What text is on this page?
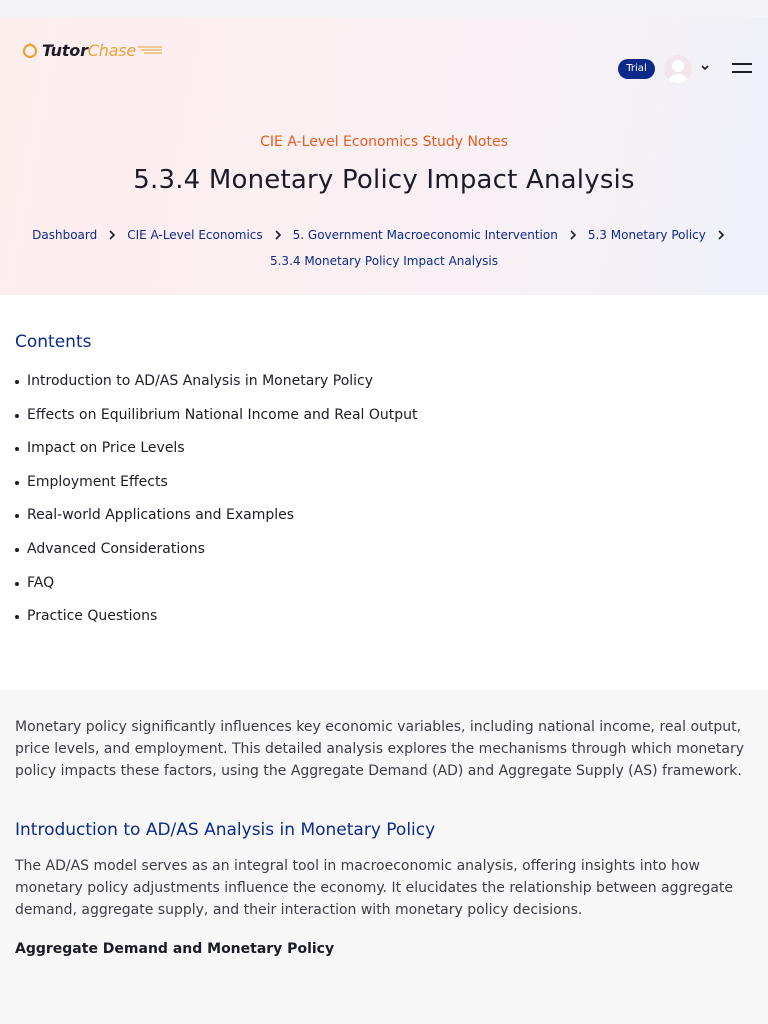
TutorChase
Trial
CIE A-Level Economics Study Notes
5.3.4 Monetary Policy Impact Analysis
Dashboard	CIE A-Level Economics	5. Government Macroeconomic Intervention	5.3 Monetary Policy
5.3.4 Monetary Policy Impact Analysis
Contents
Introduction to AD/AS Analysis in Monetary Policy
Effects on Equilibrium National Income and Real Output
Impact on Price Levels
Employment Effects
Real-world Applications and Examples
Advanced Considerations
FAQ
Practice Questions

Monetary policy significantly influences key economic variables, including national income, real output, price levels, and employment. This detailed analysis explores the mechanisms through which monetary policy impacts these factors, using the Aggregate Demand (AD) and Aggregate Supply (AS) framework.

Introduction to AD/AS Analysis in Monetary Policy

The AD/AS model serves as an integral tool in macroeconomic analysis, offering insights into how monetary policy adjustments influence the economy. It elucidates the relationship between aggregate demand, aggregate supply, and their interaction with monetary policy decisions.

Aggregate Demand and Monetary Policy
